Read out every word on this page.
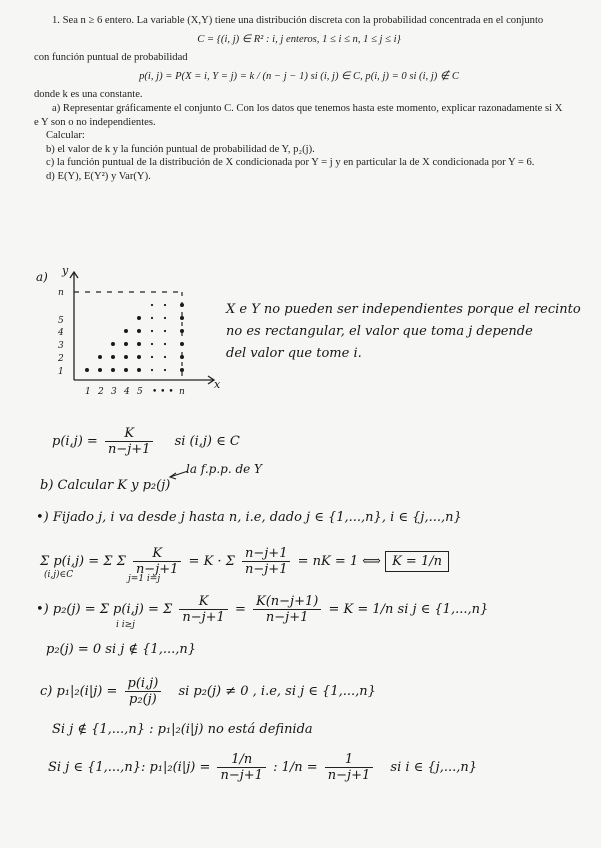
1. Sea n ≥ 6 entero. La variable (X,Y) tiene una distribución discreta con la probabilidad concentrada en el conjunto

C = {(i, j) ∈ R² : i, j enteros, 1 ≤ i ≤ n, 1 ≤ j ≤ i}

con función puntual de probabilidad

p(i, j) = P(X = i, Y = j) = k / (n − j − 1) si (i, j) ∈ C, p(i, j) = 0 si (i, j) ∉ C

donde k es una constante.

a) Representar gráficamente el conjunto C. Con los datos que tenemos hasta este momento, explicar razonadamente si X e Y son o no independientes.

Calcular:

b) el valor de k y la función puntual de probabilidad de Y, p₂(j).

c) la función puntual de la distribución de X condicionada por Y = j y en particular la de X condicionada por Y = 6.

d) E(Y), E(Y²) y Var(Y).

a) y
x
n
5
4
3
2
1
1 2 3 4 5 • • • n
X e Y no pueden ser independientes porque el recinto
no es rectangular, el valor que toma j depende
del valor que tome i.
$p(i,j) = \frac{K}{n-j+1}$ si (i,j) ∈ C
b) Calcular K y p₂(j)
la f.p.p. de Y
•) Fijado j, i va desde j hasta n, i.e, dado j ∈ {1,...,n}, i ∈ {j,...,n}
Σ p(i,j) = Σ Σ $\frac{K}{n-j+1} = K \cdot \Sigma \frac{n-j+1}{n-j+1}$ = nK = 1 ⟺ K = 1/n
(i,j)∈C	j=1 i=j
•) p₂(j) = Σ p(i,j) = Σ $\frac{K}{n-j+1} = \frac{K(n-j+1)}{n-j+1} = K = 1/n$ si j ∈ {1,...,n}
i i≥j
p₂(j) = 0 si j ∉ {1,...,n}
c) $p_1|_2(i|j) = \frac{p(i,j)}{\text{p₂(j)}}$ si p₂(j) ≠ 0 , i.e, si j ∈ {1,...,n}
Si j ∉ {1,...,n} : p₁|₂(i|j) no está definida
Si j ∈ {1,...,n}: $p_1|_2(i|j) = \frac{1/n}{n-j+1}$ : $1/n = \frac{1}{n-j+1}$ si i ∈ {j,...,n}
